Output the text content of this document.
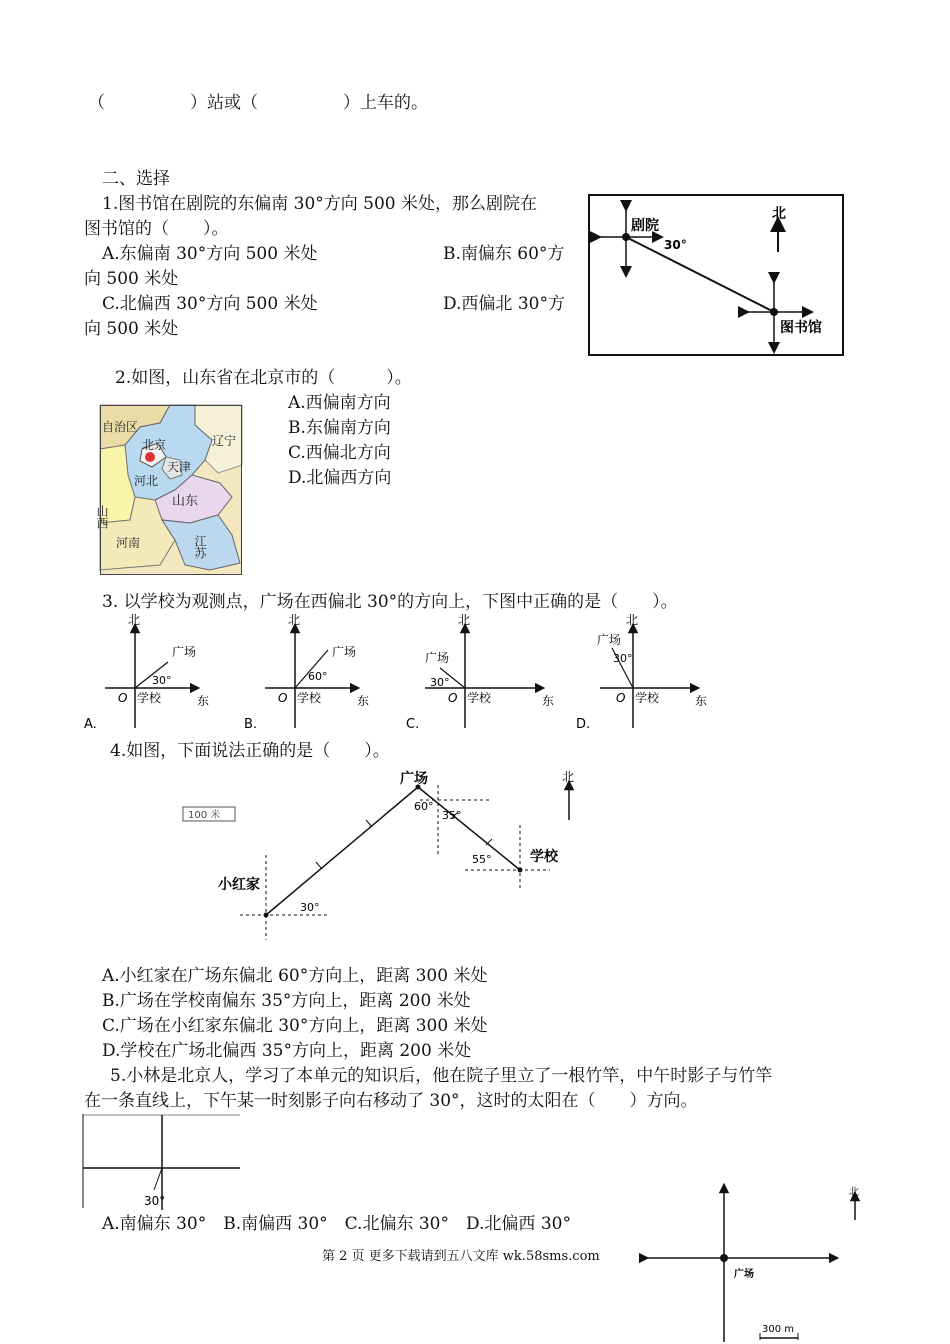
（　　　　　）站或（　　　　　）上车的。
二、选择
1.图书馆在剧院的东偏南 30°方向 500 米处，那么剧院在
图书馆的（　　）。
A.东偏南 30°方向 500 米处	B.南偏东 60°方
向 500 米处
C.北偏西 30°方向 500 米处	D.西偏北 30°方
向 500 米处
北
剧院
30°
图书馆
2.如图，山东省在北京市的（　　　）。
A.西偏南方向
B.东偏南方向
C.西偏北方向
D.北偏西方向
自治区
北京
天津
辽宁
河北
山东
山西
河南	江苏
3. 以学校为观测点，广场在西偏北 30°的方向上，下图中正确的是（　　）。
北
东
O 学校
广场
30°
A.
北
东
O 学校
广场
60°
B.
北
东
O 学校
广场
30°
C.
北
东
O 学校
广场
30°
D.
4.如图，下面说法正确的是（　　）。
100 米
北
广场
小红家
学校
60°
35°
55°
30°
A.小红家在广场东偏北 60°方向上，距离 300 米处
B.广场在学校南偏东 35°方向上，距离 200 米处
C.广场在小红家东偏北 30°方向上，距离 300 米处
D.学校在广场北偏西 35°方向上，距离 200 米处
5.小林是北京人，学习了本单元的知识后，他在院子里立了一根竹竿，中午时影子与竹竿
在一条直线上，下午某一时刻影子向右移动了 30°，这时的太阳在（　　）方向。
30°
A.南偏东 30°　B.南偏西 30°　C.北偏东 30°　D.北偏西 30°
第 2 页 更多下载请到五八文库 wk.58sms.com
北
广场
300 m
